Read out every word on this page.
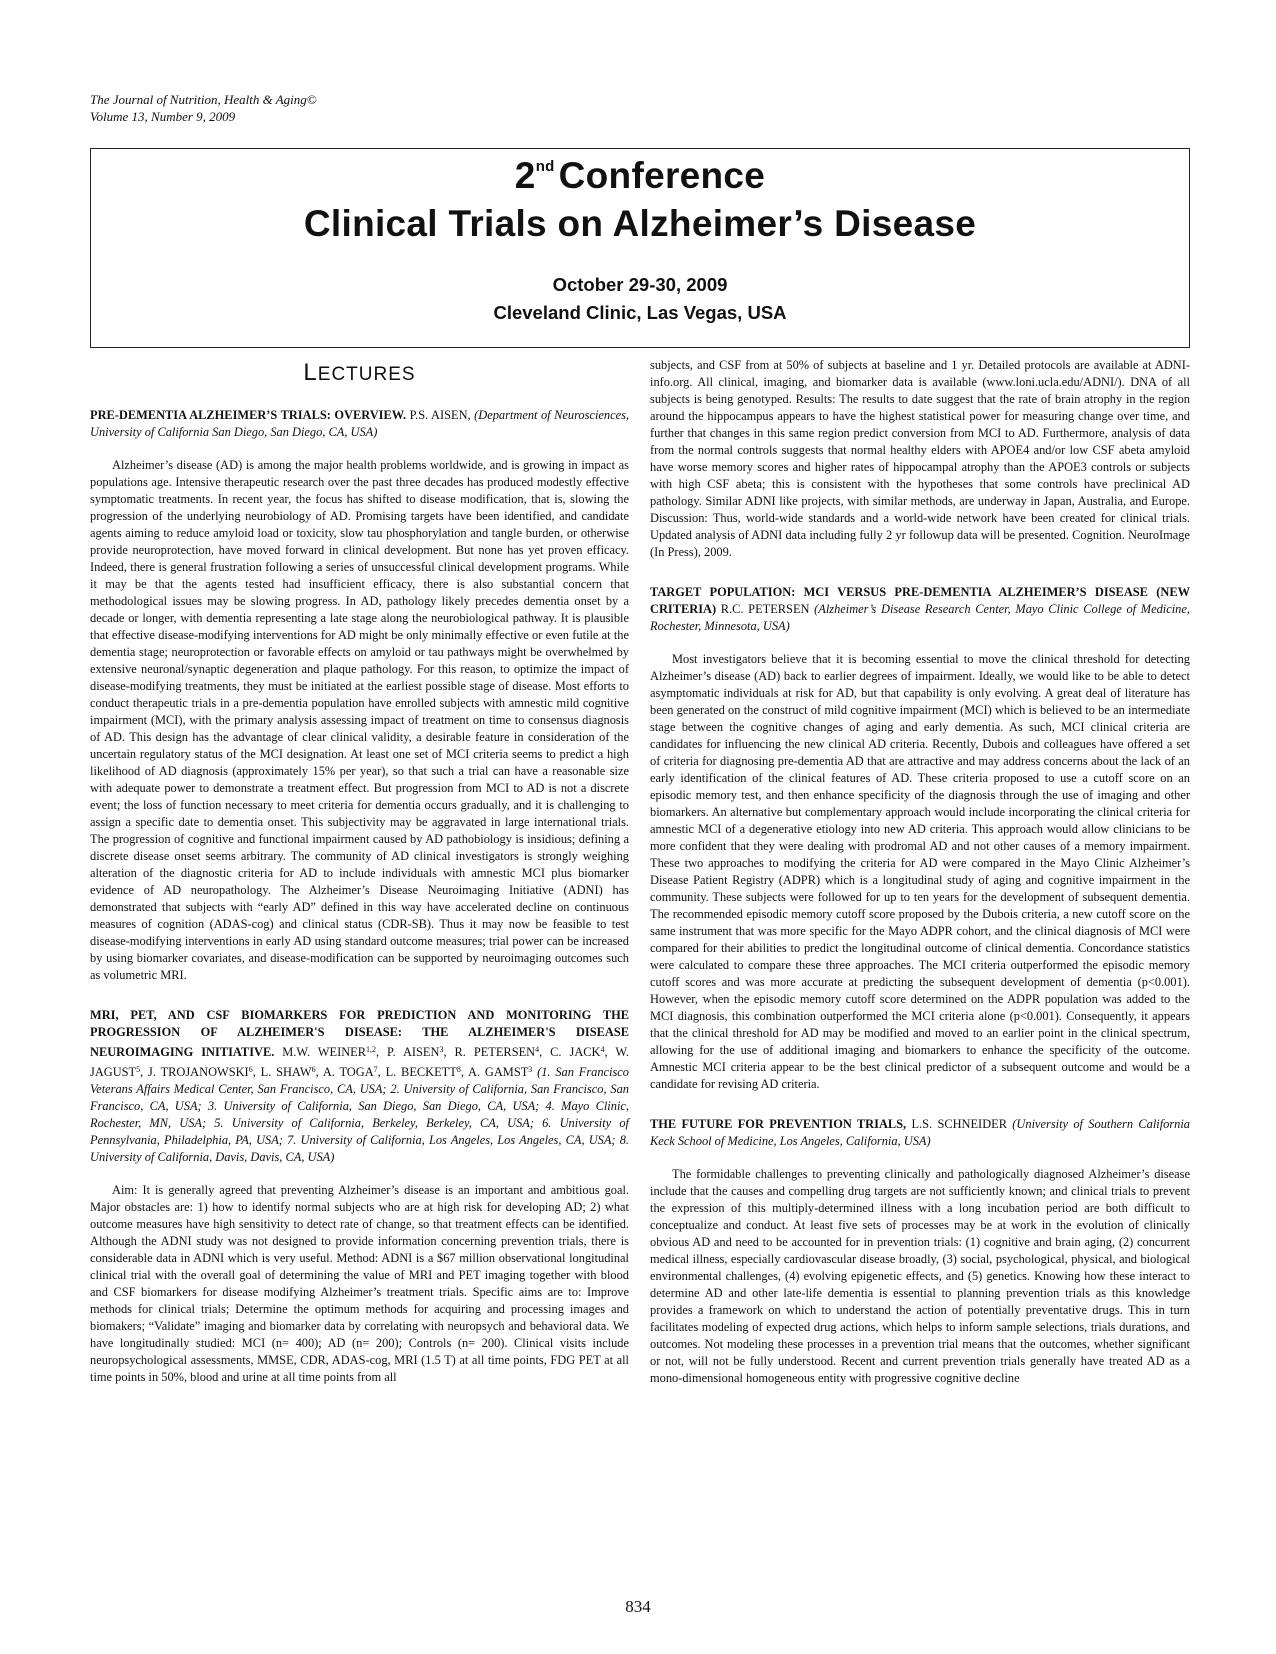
The Journal of Nutrition, Health & Aging©
Volume 13, Number 9, 2009
2nd Conference
Clinical Trials on Alzheimer’s Disease
October 29-30, 2009
Cleveland Clinic, Las Vegas, USA
LECTURES
PRE-DEMENTIA ALZHEIMER’S TRIALS: OVERVIEW. P.S. AISEN, (Department of Neurosciences, University of California San Diego, San Diego, CA, USA)

Alzheimer’s disease (AD) is among the major health problems worldwide, and is growing in impact as populations age. Intensive therapeutic research over the past three decades has produced modestly effective symptomatic treatments. In recent year, the focus has shifted to disease modification, that is, slowing the progression of the underlying neurobiology of AD. Promising targets have been identified, and candidate agents aiming to reduce amyloid load or toxicity, slow tau phosphorylation and tangle burden, or otherwise provide neuroprotection, have moved forward in clinical development. But none has yet proven efficacy. Indeed, there is general frustration following a series of unsuccessful clinical development programs. While it may be that the agents tested had insufficient efficacy, there is also substantial concern that methodological issues may be slowing progress. In AD, pathology likely precedes dementia onset by a decade or longer, with dementia representing a late stage along the neurobiological pathway. It is plausible that effective disease-modifying interventions for AD might be only minimally effective or even futile at the dementia stage; neuroprotection or favorable effects on amyloid or tau pathways might be overwhelmed by extensive neuronal/synaptic degeneration and plaque pathology. For this reason, to optimize the impact of disease-modifying treatments, they must be initiated at the earliest possible stage of disease. Most efforts to conduct therapeutic trials in a pre-dementia population have enrolled subjects with amnestic mild cognitive impairment (MCI), with the primary analysis assessing impact of treatment on time to consensus diagnosis of AD. This design has the advantage of clear clinical validity, a desirable feature in consideration of the uncertain regulatory status of the MCI designation. At least one set of MCI criteria seems to predict a high likelihood of AD diagnosis (approximately 15% per year), so that such a trial can have a reasonable size with adequate power to demonstrate a treatment effect. But progression from MCI to AD is not a discrete event; the loss of function necessary to meet criteria for dementia occurs gradually, and it is challenging to assign a specific date to dementia onset. This subjectivity may be aggravated in large international trials. The progression of cognitive and functional impairment caused by AD pathobiology is insidious; defining a discrete disease onset seems arbitrary. The community of AD clinical investigators is strongly weighing alteration of the diagnostic criteria for AD to include individuals with amnestic MCI plus biomarker evidence of AD neuropathology. The Alzheimer’s Disease Neuroimaging Initiative (ADNI) has demonstrated that subjects with “early AD” defined in this way have accelerated decline on continuous measures of cognition (ADAS-cog) and clinical status (CDR-SB). Thus it may now be feasible to test disease-modifying interventions in early AD using standard outcome measures; trial power can be increased by using biomarker covariates, and disease-modification can be supported by neuroimaging outcomes such as volumetric MRI.

MRI, PET, AND CSF BIOMARKERS FOR PREDICTION AND MONITORING THE PROGRESSION OF ALZHEIMER'S DISEASE: THE ALZHEIMER'S DISEASE NEUROIMAGING INITIATIVE. M.W. WEINER$^{1,2}$, P. AISEN$^3$, R. PETERSEN$^4$, C. JACK$^4$, W. JAGUST$^5$, J. TROJANOWSKI$^6$, L. SHAW$^6$, A. TOGA$^7$, L. BECKETT$^8$, A. GAMST$^3$ (1. San Francisco Veterans Affairs Medical Center, San Francisco, CA, USA; 2. University of California, San Francisco, San Francisco, CA, USA; 3. University of California, San Diego, San Diego, CA, USA; 4. Mayo Clinic, Rochester, MN, USA; 5. University of California, Berkeley, Berkeley, CA, USA; 6. University of Pennsylvania, Philadelphia, PA, USA; 7. University of California, Los Angeles, Los Angeles, CA, USA; 8. University of California, Davis, Davis, CA, USA)

Aim: It is generally agreed that preventing Alzheimer’s disease is an important and ambitious goal. Major obstacles are: 1) how to identify normal subjects who are at high risk for developing AD; 2) what outcome measures have high sensitivity to detect rate of change, so that treatment effects can be identified. Although the ADNI study was not designed to provide information concerning prevention trials, there is considerable data in ADNI which is very useful. Method: ADNI is a $67 million observational longitudinal clinical trial with the overall goal of determining the value of MRI and PET imaging together with blood and CSF biomarkers for disease modifying Alzheimer’s treatment trials. Specific aims are to: Improve methods for clinical trials; Determine the optimum methods for acquiring and processing images and biomakers; “Validate” imaging and biomarker data by correlating with neuropsych and behavioral data. We have longitudinally studied: MCI (n= 400); AD (n= 200); Controls (n= 200). Clinical visits include neuropsychological assessments, MMSE, CDR, ADAS-cog, MRI (1.5 T) at all time points, FDG PET at all time points in 50%, blood and urine at all time points from all

subjects, and CSF from at 50% of subjects at baseline and 1 yr. Detailed protocols are available at ADNI-info.org. All clinical, imaging, and biomarker data is available (www.loni.ucla.edu/ADNI/). DNA of all subjects is being genotyped. Results: The results to date suggest that the rate of brain atrophy in the region around the hippocampus appears to have the highest statistical power for measuring change over time, and further that changes in this same region predict conversion from MCI to AD. Furthermore, analysis of data from the normal controls suggests that normal healthy elders with APOE4 and/or low CSF abeta amyloid have worse memory scores and higher rates of hippocampal atrophy than the APOE3 controls or subjects with high CSF abeta; this is consistent with the hypotheses that some controls have preclinical AD pathology. Similar ADNI like projects, with similar methods, are underway in Japan, Australia, and Europe. Discussion: Thus, world-wide standards and a world-wide network have been created for clinical trials. Updated analysis of ADNI data including fully 2 yr followup data will be presented. Cognition. NeuroImage (In Press), 2009.

TARGET POPULATION: MCI VERSUS PRE-DEMENTIA ALZHEIMER’S DISEASE (NEW CRITERIA) R.C. PETERSEN (Alzheimer’s Disease Research Center, Mayo Clinic College of Medicine, Rochester, Minnesota, USA)

Most investigators believe that it is becoming essential to move the clinical threshold for detecting Alzheimer’s disease (AD) back to earlier degrees of impairment. Ideally, we would like to be able to detect asymptomatic individuals at risk for AD, but that capability is only evolving. A great deal of literature has been generated on the construct of mild cognitive impairment (MCI) which is believed to be an intermediate stage between the cognitive changes of aging and early dementia. As such, MCI clinical criteria are candidates for influencing the new clinical AD criteria. Recently, Dubois and colleagues have offered a set of criteria for diagnosing pre-dementia AD that are attractive and may address concerns about the lack of an early identification of the clinical features of AD. These criteria proposed to use a cutoff score on an episodic memory test, and then enhance specificity of the diagnosis through the use of imaging and other biomarkers. An alternative but complementary approach would include incorporating the clinical criteria for amnestic MCI of a degenerative etiology into new AD criteria. This approach would allow clinicians to be more confident that they were dealing with prodromal AD and not other causes of a memory impairment. These two approaches to modifying the criteria for AD were compared in the Mayo Clinic Alzheimer’s Disease Patient Registry (ADPR) which is a longitudinal study of aging and cognitive impairment in the community. These subjects were followed for up to ten years for the development of subsequent dementia. The recommended episodic memory cutoff score proposed by the Dubois criteria, a new cutoff score on the same instrument that was more specific for the Mayo ADPR cohort, and the clinical diagnosis of MCI were compared for their abilities to predict the longitudinal outcome of clinical dementia. Concordance statistics were calculated to compare these three approaches. The MCI criteria outperformed the episodic memory cutoff scores and was more accurate at predicting the subsequent development of dementia (p<0.001). However, when the episodic memory cutoff score determined on the ADPR population was added to the MCI diagnosis, this combination outperformed the MCI criteria alone (p<0.001). Consequently, it appears that the clinical threshold for AD may be modified and moved to an earlier point in the clinical spectrum, allowing for the use of additional imaging and biomarkers to enhance the specificity of the outcome. Amnestic MCI criteria appear to be the best clinical predictor of a subsequent outcome and would be a candidate for revising AD criteria.

THE FUTURE FOR PREVENTION TRIALS, L.S. SCHNEIDER (University of Southern California Keck School of Medicine, Los Angeles, California, USA)

The formidable challenges to preventing clinically and pathologically diagnosed Alzheimer’s disease include that the causes and compelling drug targets are not sufficiently known; and clinical trials to prevent the expression of this multiply-determined illness with a long incubation period are both difficult to conceptualize and conduct. At least five sets of processes may be at work in the evolution of clinically obvious AD and need to be accounted for in prevention trials: (1) cognitive and brain aging, (2) concurrent medical illness, especially cardiovascular disease broadly, (3) social, psychological, physical, and biological environmental challenges, (4) evolving epigenetic effects, and (5) genetics. Knowing how these interact to determine AD and other late-life dementia is essential to planning prevention trials as this knowledge provides a framework on which to understand the action of potentially preventative drugs. This in turn facilitates modeling of expected drug actions, which helps to inform sample selections, trials durations, and outcomes. Not modeling these processes in a prevention trial means that the outcomes, whether significant or not, will not be fully understood. Recent and current prevention trials generally have treated AD as a mono-dimensional homogeneous entity with progressive cognitive decline

834
